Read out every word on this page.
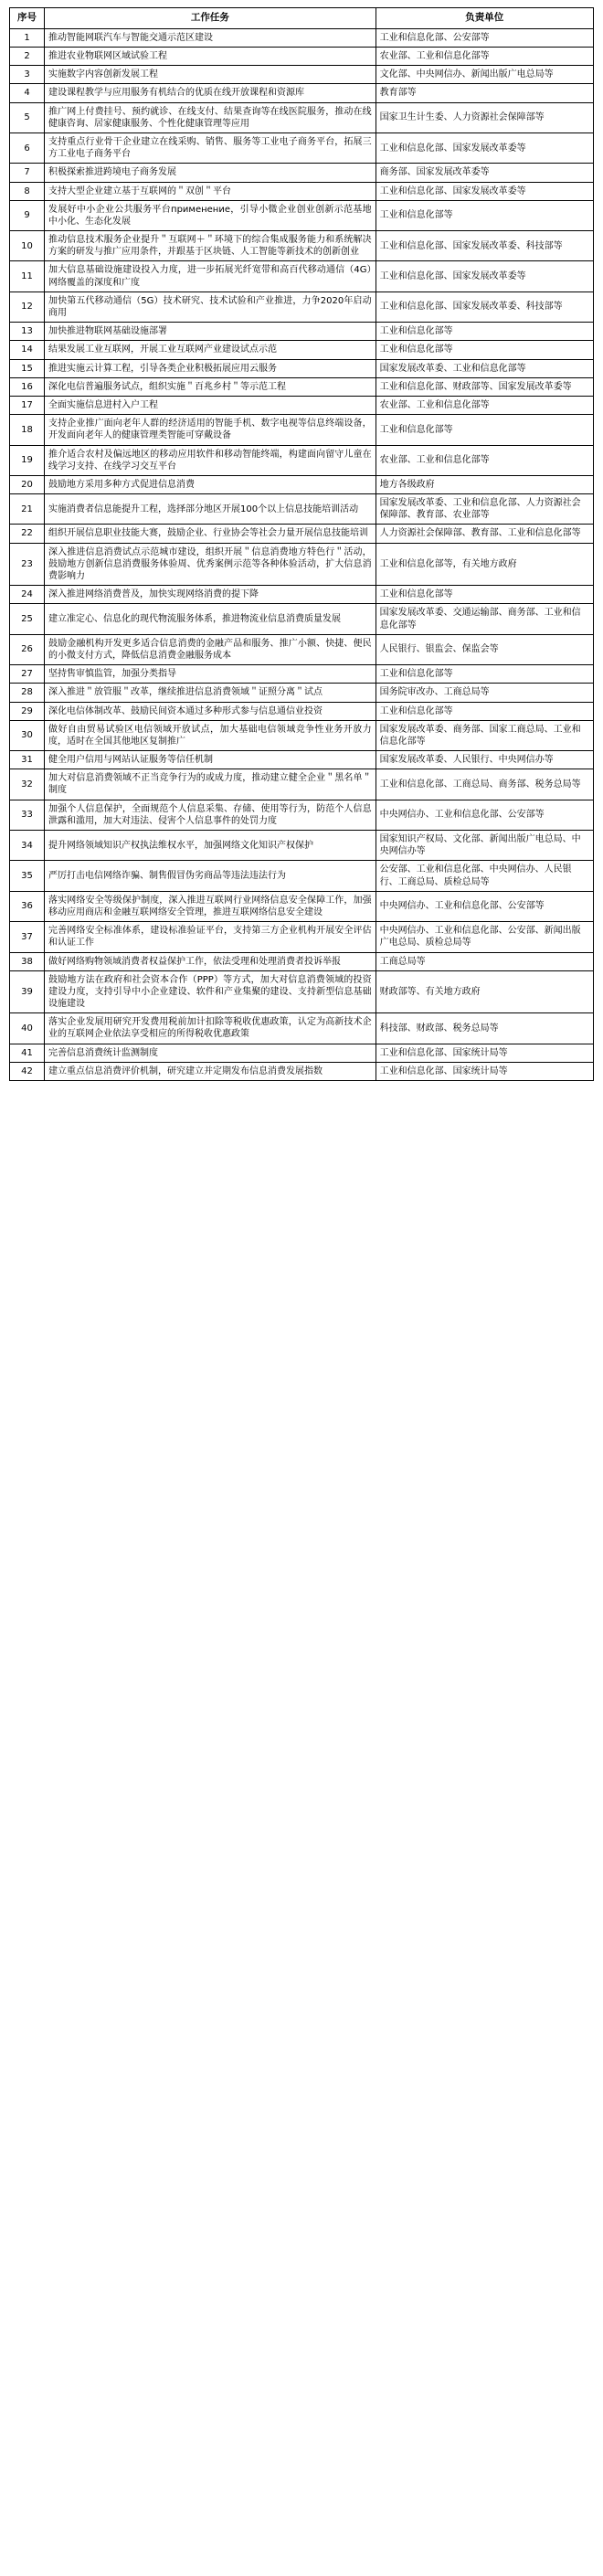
序号	工作任务	负责单位
1	推动智能网联汽车与智能交通示范区建设	工业和信息化部、公安部等
2	推进农业物联网区域试验工程	农业部、工业和信息化部等
3	实施数字内容创新发展工程	文化部、中央网信办、新闻出版广电总局等
4	建设课程教学与应用服务有机结合的优质在线开放课程和资源库	教育部等
5	推广网上付费挂号、预约就诊、在线支付、结果查询等在线医院服务，推动在线健康咨询、居家健康服务、个性化健康管理等应用	国家卫生计生委、人力资源社会保障部等
6	支持重点行业骨干企业建立在线采购、销售、服务等工业电子商务平台，拓展三方工业电子商务平台	工业和信息化部、国家发展改革委等
7	积极探索推进跨境电子商务发展	商务部、国家发展改革委等
8	支持大型企业建立基于互联网的＂双创＂平台	工业和信息化部、国家发展改革委等
9	发展好中小企业公共服务平台применение，引导小微企业创业创新示范基地中小化、生态化发展	工业和信息化部等
10	推动信息技术服务企业提升＂互联网＋＂环境下的综合集成服务能力和系统解决方案的研发与推广应用条件，并跟基于区块链、人工智能等新技术的创新创业	工业和信息化部、国家发展改革委、科技部等
11	加大信息基础设施建设投入力度，进一步拓展光纤宽带和高百代移动通信（4G）网络覆盖的深度和广度	工业和信息化部、国家发展改革委等
12	加快第五代移动通信（5G）技术研究、技术试验和产业推进，力争2020年启动商用	工业和信息化部、国家发展改革委、科技部等
13	加快推进物联网基础设施部署	工业和信息化部等
14	结果发展工业互联网，开展工业互联网产业建设试点示范	工业和信息化部等
15	推进实施云计算工程，引导各类企业积极拓展应用云服务	国家发展改革委、工业和信息化部等
16	深化电信普遍服务试点，组织实施＂百兆乡村＂等示范工程	工业和信息化部、财政部等、国家发展改革委等
17	全面实施信息进村入户工程	农业部、工业和信息化部等
18	支持企业推广面向老年人群的经济适用的智能手机、数字电视等信息终端设备，开发面向老年人的健康管理类智能可穿戴设备	工业和信息化部等
19	推介适合农村及偏远地区的移动应用软件和移动智能终端，构建面向留守儿童在线学习支持、在线学习交互平台	农业部、工业和信息化部等
20	鼓励地方采用多种方式促进信息消费	地方各级政府
21	实施消费者信息能提升工程，选择部分地区开展100个以上信息技能培训活动	国家发展改革委、工业和信息化部、人力资源社会保障部、教育部、农业部等
22	组织开展信息职业技能大赛，鼓励企业、行业协会等社会力量开展信息技能培训	人力资源社会保障部、教育部、工业和信息化部等
23	深入推进信息消费试点示范城市建设，组织开展＂信息消费地方特色行＂活动，鼓励地方创新信息消费服务体验周、优秀案例示范等各种体验活动，扩大信息消费影响力	工业和信息化部等，有关地方政府
24	深入推进网络消费普及，加快实现网络消费的提下降	工业和信息化部等
25	建立准定心、信息化的现代物流服务体系，推进物流业信息消费质量发展	国家发展改革委、交通运输部、商务部、工业和信息化部等
26	鼓励金融机构开发更多适合信息消费的金融产品和服务、推广小额、快捷、便民的小微支付方式，降低信息消费金融服务成本	人民银行、银监会、保监会等
27	坚持售审慎监管，加强分类指导	工业和信息化部等
28	深入推进＂放管服＂改革，继续推进信息消费领域＂证照分离＂试点	国务院审改办、工商总局等
29	深化电信体制改革、鼓励民间资本通过多种形式参与信息通信业投资	工业和信息化部等
30	做好自由贸易试验区电信领域开放试点，加大基础电信领域竞争性业务开放力度，适时在全国其他地区复制推广	国家发展改革委、商务部、国家工商总局、工业和信息化部等
31	健全用户信用与网站认证服务等信任机制	国家发展改革委、人民银行、中央网信办等
32	加大对信息消费领域不正当竞争行为的或成力度，推动建立健全企业＂黑名单＂制度	工业和信息化部、工商总局、商务部、税务总局等
33	加强个人信息保护，全面规范个人信息采集、存储、使用等行为，防范个人信息泄露和滥用，加大对违法、侵害个人信息事件的处罚力度	中央网信办、工业和信息化部、公安部等
34	提升网络领域知识产权执法维权水平，加强网络文化知识产权保护	国家知识产权局、文化部、新闻出版广电总局、中央网信办等
35	严厉打击电信网络诈骗、制售假冒伪劣商品等违法违法行为	公安部、工业和信息化部、中央网信办、人民银行、工商总局、质检总局等
36	落实网络安全等级保护制度，深入推进互联网行业网络信息安全保障工作，加强移动应用商店和金融互联网络安全管理，推进互联网络信息安全建设	中央网信办、工业和信息化部、公安部等
37	完善网络安全标准体系，建设标准验证平台，支持第三方企业机构开展安全评估和认证工作	中央网信办、工业和信息化部、公安部、新闻出版广电总局、质检总局等
38	做好网络购物领域消费者权益保护工作，依法受理和处理消费者投诉举报	工商总局等
39	鼓励地方法在政府和社会资本合作（PPP）等方式，加大对信息消费领域的投资建设力度，支持引导中小企业建设、软件和产业集聚的建设、支持新型信息基础设施建设	财政部等、有关地方政府
40	落实企业发展用研究开发费用税前加计扣除等税收优惠政策，认定为高新技术企业的互联网企业依法享受相应的所得税收优惠政策	科技部、财政部、税务总局等
41	完善信息消费统计监测制度	工业和信息化部、国家统计局等
42	建立重点信息消费评价机制，研究建立并定期发布信息消费发展指数	工业和信息化部、国家统计局等
